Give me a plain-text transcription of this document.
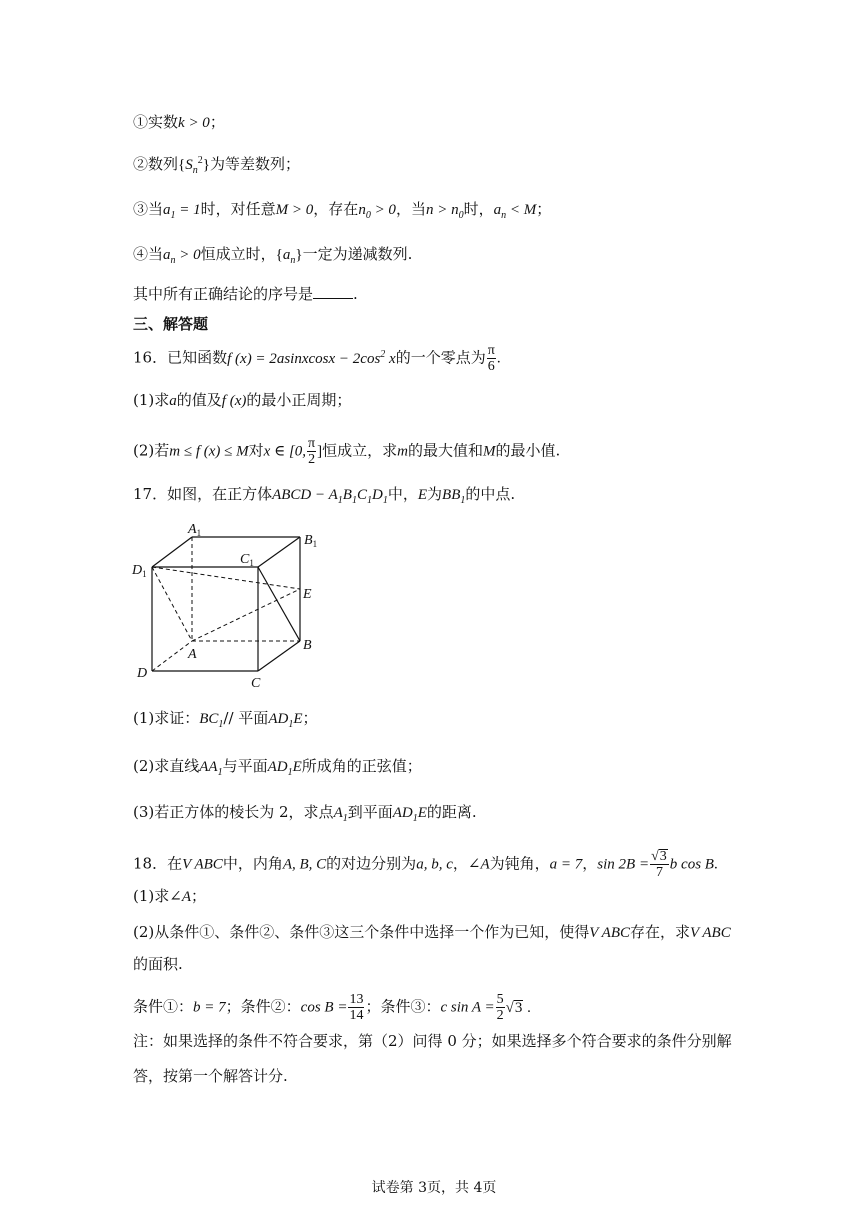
①实数k > 0；
②数列$\{S_n^2\}$为等差数列；
③当$a_1 = 1$时，对任意M > 0，存在$n_0 > 0$，当$n > n_0$时，$a_n < M$；
④当$a_n > 0$恒成立时，$\{a_n\}$一定为递减数列.
其中所有正确结论的序号是	.
三、解答题
16．已知函数f (x) = 2asinxcosx − $2\cos^2$ x的一个零点为 $\frac{\pi}{6}$ .
(1)求a的值及f (x)的最小正周期；
(2)若m ≤ f (x) ≤ M对x ∈ [0, $\frac{\pi}{2}$ ]恒成立，求m的最大值和M的最小值.
17．如图，在正方体ABCD − $A_1B_1C_1D_1$中，E为$BB_1$的中点.
$A_1$	$B_1$
$C_1$
$D_1$
E
A
B
C
D
(1)求证：$BC_1//$ 平面$AD_1E$；
(2)求直线$AA_1$与平面$AD_1E$所成角的正弦值；
(3)若正方体的棱长为 2，求点$A_1$到平面$AD_1E$的距离.
18．在V ABC中，内角A, B, C的对边分别为a, b, c，∠A为钝角，a = 7，$\sin 2B = \frac{√3}{7}$ b cos B.
(1)求∠A；
(2)从条件①、条件②、条件③这三个条件中选择一个作为已知，使得V ABC存在，求V ABC
的面积.
条件①：b = 7；条件②：$\cos B = \frac{13}{14}$ ；条件③：c $\sin A = \frac{5}{2} √3$ .
注：如果选择的条件不符合要求，第（2）问得 0 分；如果选择多个符合要求的条件分别解
答，按第一个解答计分.
试卷第 3页，共 4页
